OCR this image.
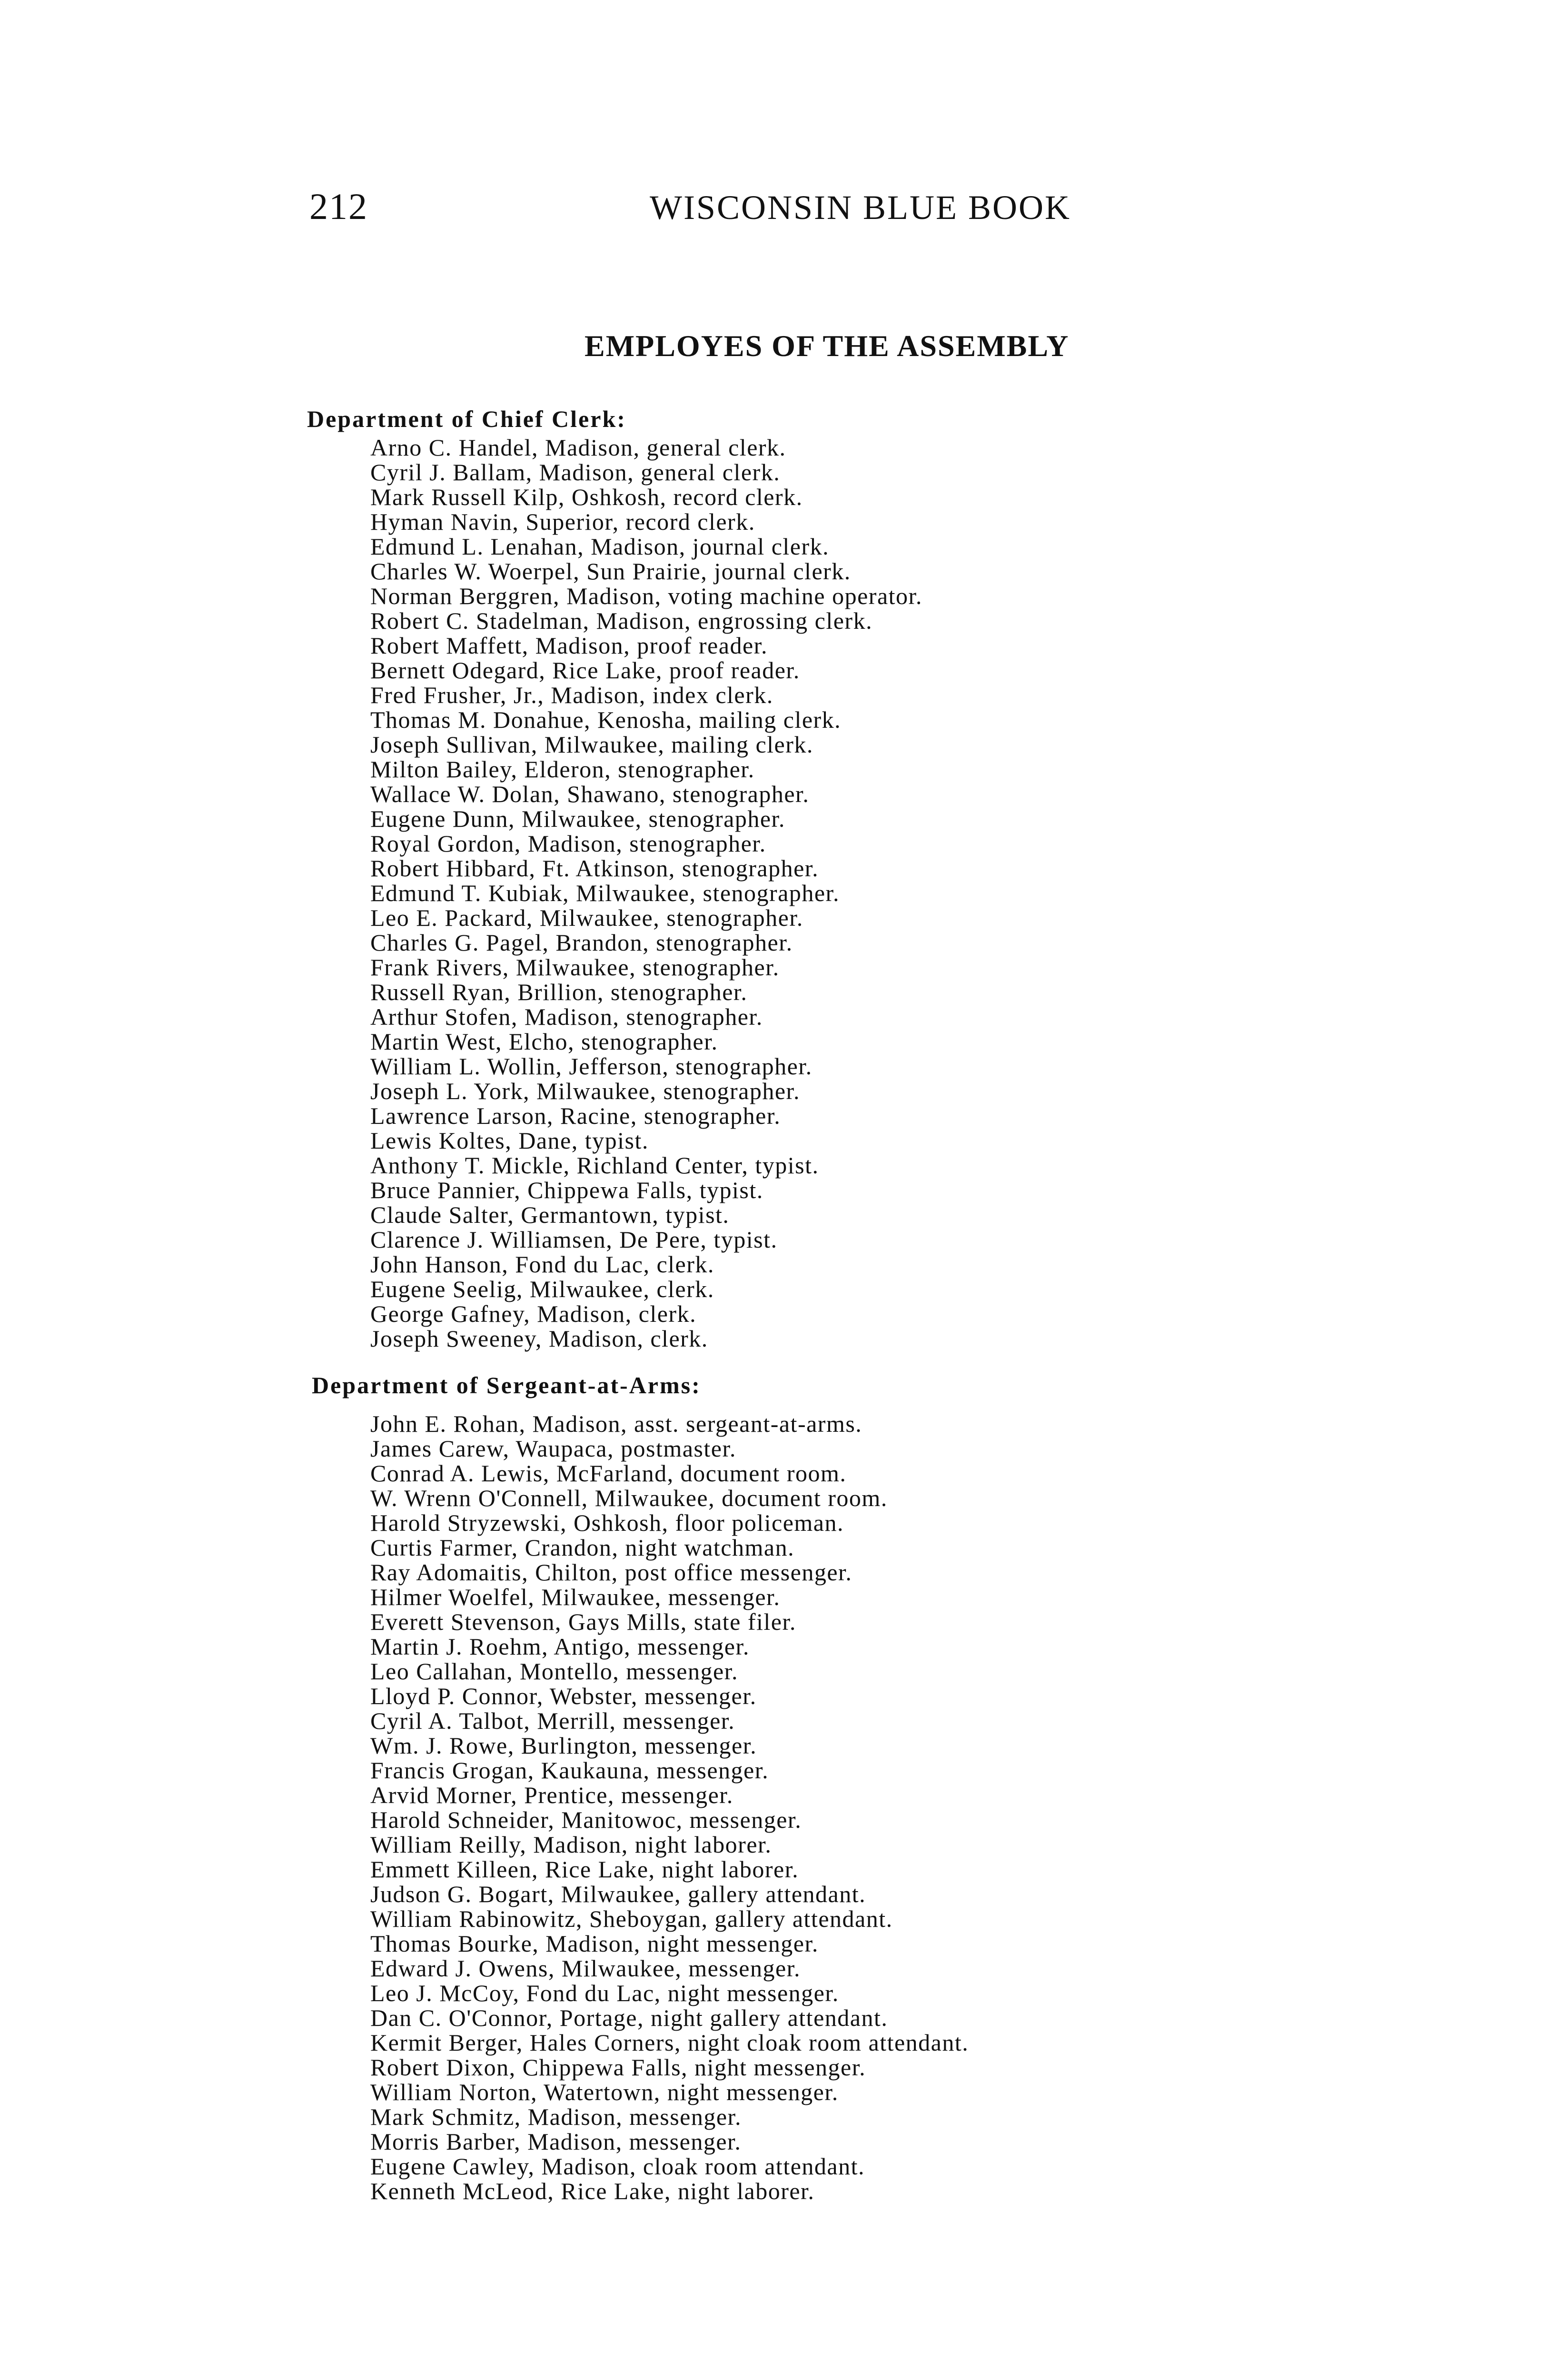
212	WISCONSIN BLUE BOOK
EMPLOYES OF THE ASSEMBLY
Department of Chief Clerk:
Arno C. Handel, Madison, general clerk.
Cyril J. Ballam, Madison, general clerk.
Mark Russell Kilp, Oshkosh, record clerk.
Hyman Navin, Superior, record clerk.
Edmund L. Lenahan, Madison, journal clerk.
Charles W. Woerpel, Sun Prairie, journal clerk.
Norman Berggren, Madison, voting machine operator.
Robert C. Stadelman, Madison, engrossing clerk.
Robert Maffett, Madison, proof reader.
Bernett Odegard, Rice Lake, proof reader.
Fred Frusher, Jr., Madison, index clerk.
Thomas M. Donahue, Kenosha, mailing clerk.
Joseph Sullivan, Milwaukee, mailing clerk.
Milton Bailey, Elderon, stenographer.
Wallace W. Dolan, Shawano, stenographer.
Eugene Dunn, Milwaukee, stenographer.
Royal Gordon, Madison, stenographer.
Robert Hibbard, Ft. Atkinson, stenographer.
Edmund T. Kubiak, Milwaukee, stenographer.
Leo E. Packard, Milwaukee, stenographer.
Charles G. Pagel, Brandon, stenographer.
Frank Rivers, Milwaukee, stenographer.
Russell Ryan, Brillion, stenographer.
Arthur Stofen, Madison, stenographer.
Martin West, Elcho, stenographer.
William L. Wollin, Jefferson, stenographer.
Joseph L. York, Milwaukee, stenographer.
Lawrence Larson, Racine, stenographer.
Lewis Koltes, Dane, typist.
Anthony T. Mickle, Richland Center, typist.
Bruce Pannier, Chippewa Falls, typist.
Claude Salter, Germantown, typist.
Clarence J. Williamsen, De Pere, typist.
John Hanson, Fond du Lac, clerk.
Eugene Seelig, Milwaukee, clerk.
George Gafney, Madison, clerk.
Joseph Sweeney, Madison, clerk.
Department of Sergeant-at-Arms:
John E. Rohan, Madison, asst. sergeant-at-arms.
James Carew, Waupaca, postmaster.
Conrad A. Lewis, McFarland, document room.
W. Wrenn O'Connell, Milwaukee, document room.
Harold Stryzewski, Oshkosh, floor policeman.
Curtis Farmer, Crandon, night watchman.
Ray Adomaitis, Chilton, post office messenger.
Hilmer Woelfel, Milwaukee, messenger.
Everett Stevenson, Gays Mills, state filer.
Martin J. Roehm, Antigo, messenger.
Leo Callahan, Montello, messenger.
Lloyd P. Connor, Webster, messenger.
Cyril A. Talbot, Merrill, messenger.
Wm. J. Rowe, Burlington, messenger.
Francis Grogan, Kaukauna, messenger.
Arvid Morner, Prentice, messenger.
Harold Schneider, Manitowoc, messenger.
William Reilly, Madison, night laborer.
Emmett Killeen, Rice Lake, night laborer.
Judson G. Bogart, Milwaukee, gallery attendant.
William Rabinowitz, Sheboygan, gallery attendant.
Thomas Bourke, Madison, night messenger.
Edward J. Owens, Milwaukee, messenger.
Leo J. McCoy, Fond du Lac, night messenger.
Dan C. O'Connor, Portage, night gallery attendant.
Kermit Berger, Hales Corners, night cloak room attendant.
Robert Dixon, Chippewa Falls, night messenger.
William Norton, Watertown, night messenger.
Mark Schmitz, Madison, messenger.
Morris Barber, Madison, messenger.
Eugene Cawley, Madison, cloak room attendant.
Kenneth McLeod, Rice Lake, night laborer.
